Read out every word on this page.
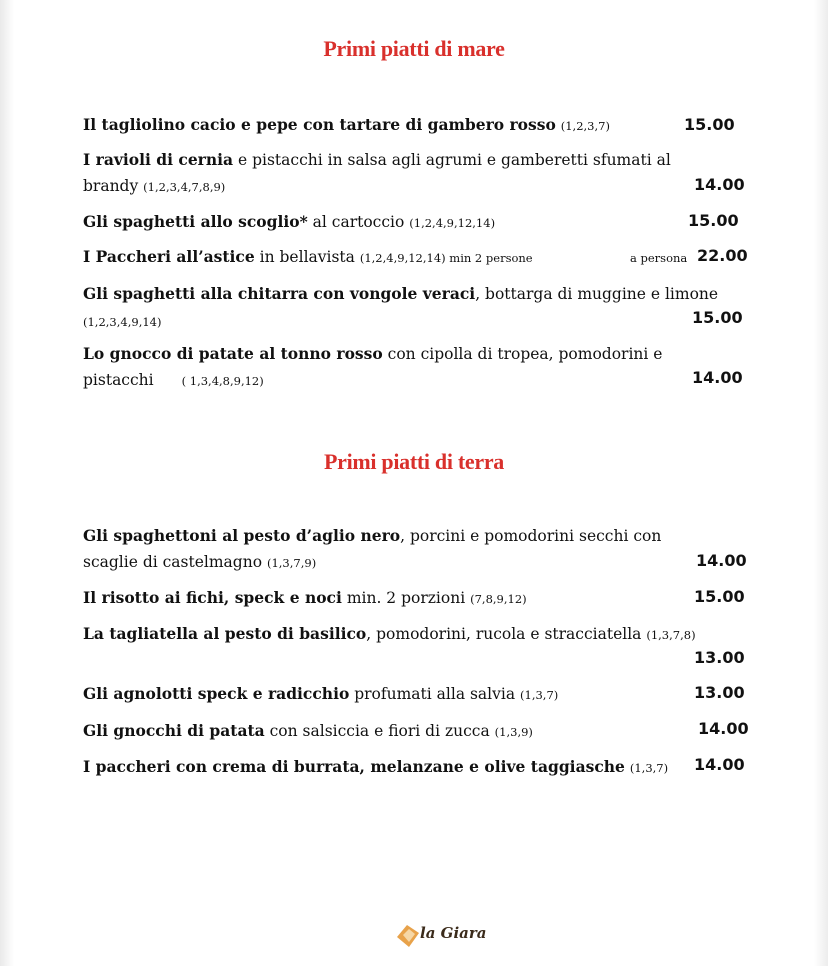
Primi piatti di mare
Il tagliolino cacio e pepe con tartare di gambero rosso (1,2,3,7)	15.00
I ravioli di cernia e pistacchi in salsa agli agrumi e gamberetti sfumati al
brandy (1,2,3,4,7,8,9)	14.00
Gli spaghetti allo scoglio* al cartoccio (1,2,4,9,12,14)	15.00
I Paccheri all’astice in bellavista (1,2,4,9,12,14) min 2 persone	a persona 22.00
Gli spaghetti alla chitarra con vongole veraci, bottarga di muggine e limone
(1,2,3,4,9,14)	15.00
Lo gnocco di patate al tonno rosso con cipolla di tropea, pomodorini e
pistacchi ( 1,3,4,8,9,12)	14.00
Primi piatti di terra
Gli spaghettoni al pesto d’aglio nero, porcini e pomodorini secchi con
scaglie di castelmagno (1,3,7,9)	14.00
Il risotto ai fichi, speck e noci min. 2 porzioni (7,8,9,12)	15.00
La tagliatella al pesto di basilico, pomodorini, rucola e stracciatella (1,3,7,8)
13.00
Gli agnolotti speck e radicchio profumati alla salvia (1,3,7)	13.00
Gli gnocchi di patata con salsiccia e fiori di zucca (1,3,9)	14.00
I paccheri con crema di burrata, melanzane e olive taggiasche (1,3,7) 14.00
la Giara
